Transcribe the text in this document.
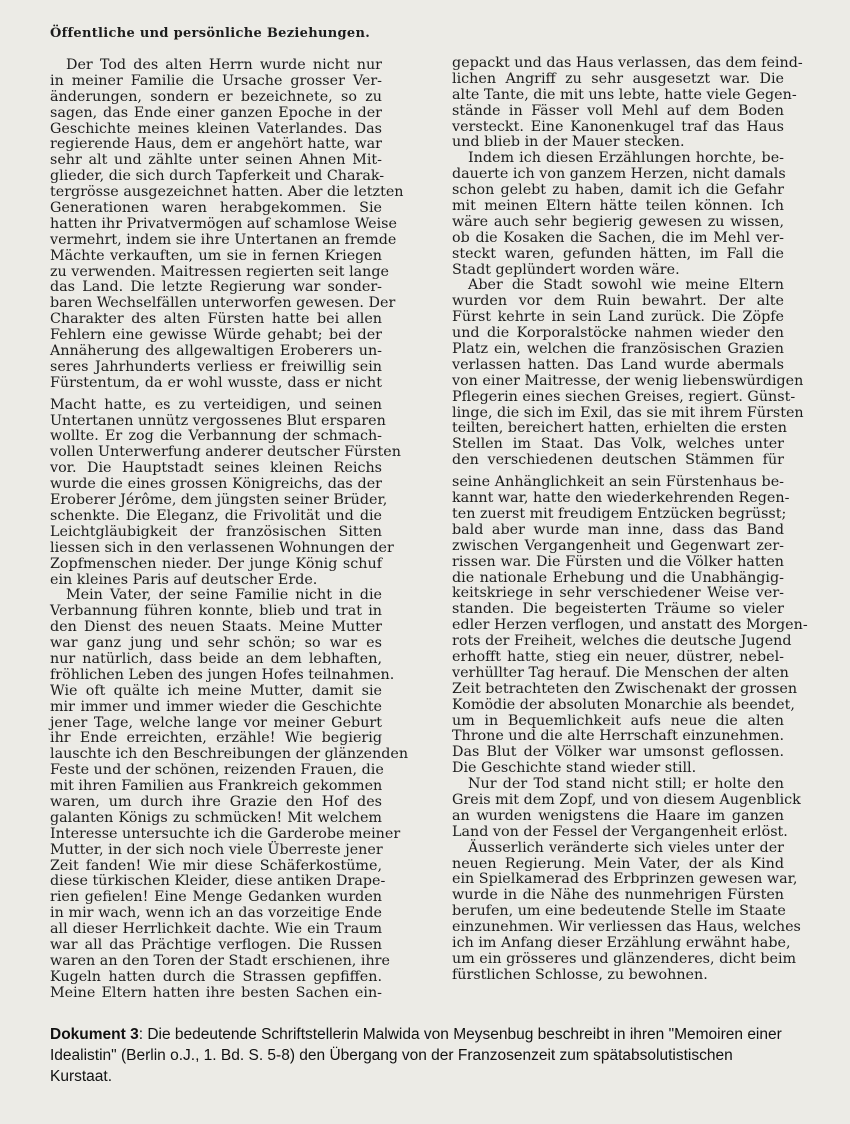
Öffentliche und persönliche Beziehungen.
Der Tod des alten Herrn wurde nicht nur
in meiner Familie die Ursache grosser Ver-
änderungen, sondern er bezeichnete, so zu
sagen, das Ende einer ganzen Epoche in der
Geschichte meines kleinen Vaterlandes. Das
regierende Haus, dem er angehört hatte, war
sehr alt und zählte unter seinen Ahnen Mit-
glieder, die sich durch Tapferkeit und Charak-
tergrösse ausgezeichnet hatten. Aber die letzten
Generationen waren herabgekommen. Sie
hatten ihr Privatvermögen auf schamlose Weise
vermehrt, indem sie ihre Untertanen an fremde
Mächte verkauften, um sie in fernen Kriegen
zu verwenden. Maitressen regierten seit lange
das Land. Die letzte Regierung war sonder-
baren Wechselfällen unterworfen gewesen. Der
Charakter des alten Fürsten hatte bei allen
Fehlern eine gewisse Würde gehabt; bei der
Annäherung des allgewaltigen Eroberers un-
seres Jahrhunderts verliess er freiwillig sein
Fürstentum, da er wohl wusste, dass er nicht
Macht hatte, es zu verteidigen, und seinen
Untertanen unnütz vergossenes Blut ersparen
wollte. Er zog die Verbannung der schmach-
vollen Unterwerfung anderer deutscher Fürsten
vor. Die Hauptstadt seines kleinen Reichs
wurde die eines grossen Königreichs, das der
Eroberer Jérôme, dem jüngsten seiner Brüder,
schenkte. Die Eleganz, die Frivolität und die
Leichtgläubigkeit der französischen Sitten
liessen sich in den verlassenen Wohnungen der
Zopfmenschen nieder. Der junge König schuf
ein kleines Paris auf deutscher Erde.
Mein Vater, der seine Familie nicht in die
Verbannung führen konnte, blieb und trat in
den Dienst des neuen Staats. Meine Mutter
war ganz jung und sehr schön; so war es
nur natürlich, dass beide an dem lebhaften,
fröhlichen Leben des jungen Hofes teilnahmen.
Wie oft quälte ich meine Mutter, damit sie
mir immer und immer wieder die Geschichte
jener Tage, welche lange vor meiner Geburt
ihr Ende erreichten, erzähle! Wie begierig
lauschte ich den Beschreibungen der glänzenden
Feste und der schönen, reizenden Frauen, die
mit ihren Familien aus Frankreich gekommen
waren, um durch ihre Grazie den Hof des
galanten Königs zu schmücken! Mit welchem
Interesse untersuchte ich die Garderobe meiner
Mutter, in der sich noch viele Überreste jener
Zeit fanden! Wie mir diese Schäferkostüme,
diese türkischen Kleider, diese antiken Drape-
rien gefielen! Eine Menge Gedanken wurden
in mir wach, wenn ich an das vorzeitige Ende
all dieser Herrlichkeit dachte. Wie ein Traum
war all das Prächtige verflogen. Die Russen
waren an den Toren der Stadt erschienen, ihre
Kugeln hatten durch die Strassen gepfiffen.
Meine Eltern hatten ihre besten Sachen ein-
gepackt und das Haus verlassen, das dem feind-
lichen Angriff zu sehr ausgesetzt war. Die
alte Tante, die mit uns lebte, hatte viele Gegen-
stände in Fässer voll Mehl auf dem Boden
versteckt. Eine Kanonenkugel traf das Haus
und blieb in der Mauer stecken.
Indem ich diesen Erzählungen horchte, be-
dauerte ich von ganzem Herzen, nicht damals
schon gelebt zu haben, damit ich die Gefahr
mit meinen Eltern hätte teilen können. Ich
wäre auch sehr begierig gewesen zu wissen,
ob die Kosaken die Sachen, die im Mehl ver-
steckt waren, gefunden hätten, im Fall die
Stadt geplündert worden wäre.
Aber die Stadt sowohl wie meine Eltern
wurden vor dem Ruin bewahrt. Der alte
Fürst kehrte in sein Land zurück. Die Zöpfe
und die Korporalstöcke nahmen wieder den
Platz ein, welchen die französischen Grazien
verlassen hatten. Das Land wurde abermals
von einer Maitresse, der wenig liebenswürdigen
Pflegerin eines siechen Greises, regiert. Günst-
linge, die sich im Exil, das sie mit ihrem Fürsten
teilten, bereichert hatten, erhielten die ersten
Stellen im Staat. Das Volk, welches unter
den verschiedenen deutschen Stämmen für
seine Anhänglichkeit an sein Fürstenhaus be-
kannt war, hatte den wiederkehrenden Regen-
ten zuerst mit freudigem Entzücken begrüsst;
bald aber wurde man inne, dass das Band
zwischen Vergangenheit und Gegenwart zer-
rissen war. Die Fürsten und die Völker hatten
die nationale Erhebung und die Unabhängig-
keitskriege in sehr verschiedener Weise ver-
standen. Die begeisterten Träume so vieler
edler Herzen verflogen, und anstatt des Morgen-
rots der Freiheit, welches die deutsche Jugend
erhofft hatte, stieg ein neuer, düstrer, nebel-
verhüllter Tag herauf. Die Menschen der alten
Zeit betrachteten den Zwischenakt der grossen
Komödie der absoluten Monarchie als beendet,
um in Bequemlichkeit aufs neue die alten
Throne und die alte Herrschaft einzunehmen.
Das Blut der Völker war umsonst geflossen.
Die Geschichte stand wieder still.
Nur der Tod stand nicht still; er holte den
Greis mit dem Zopf, und von diesem Augenblick
an wurden wenigstens die Haare im ganzen
Land von der Fessel der Vergangenheit erlöst.
Äusserlich veränderte sich vieles unter der
neuen Regierung. Mein Vater, der als Kind
ein Spielkamerad des Erbprinzen gewesen war,
wurde in die Nähe des nunmehrigen Fürsten
berufen, um eine bedeutende Stelle im Staate
einzunehmen. Wir verliessen das Haus, welches
ich im Anfang dieser Erzählung erwähnt habe,
um ein grösseres und glänzenderes, dicht beim
fürstlichen Schlosse, zu bewohnen.
Dokument 3: Die bedeutende Schriftstellerin Malwida von Meysenbug beschreibt in ihren "Memoiren einer Idealistin" (Berlin o.J., 1. Bd. S. 5-8) den Übergang von der Franzosenzeit zum spätabsolutistischen Kurstaat.
